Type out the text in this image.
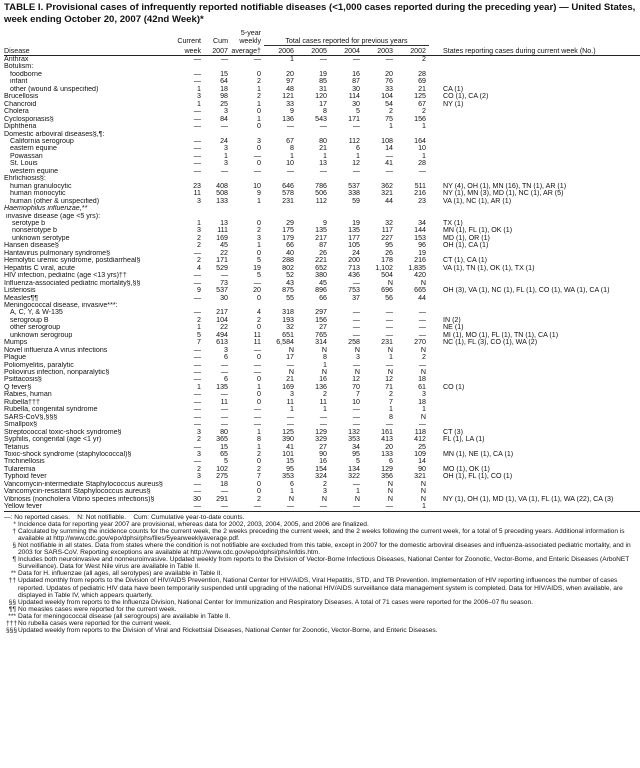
TABLE I. Provisional cases of infrequently reported notifiable diseases (<1,000 cases reported during the preceding year) — United States, week ending October 20, 2007 (42nd Week)*
			5-year						
	Current	Cum	weekly	Total cases reported for previous years					
Disease	week	2007	average†	2006	2005	2004	2003	2002	States reporting cases during current week (No.)
Anthrax	—	—	—	1	—	—	—	2	
Botulism:									
foodborne	—	15	0	20	19	16	20	28	
infant	—	64	2	97	85	87	76	69	
other (wound & unspecified)	1	18	1	48	31	30	33	21	CA (1)
Brucellosis	3	98	2	121	120	114	104	125	CO (1), CA (2)
Chancroid	1	25	1	33	17	30	54	67	NY (1)
Cholera	—	3	0	9	8	5	2	2	
Cyclosporiasis§	—	84	1	136	543	171	75	156	
Diphtheria	—	—	0	—	—	—	1	1	
Domestic arboviral diseases§,¶:									
California serogroup	—	24	3	67	80	112	108	164	
eastern equine	—	3	0	8	21	6	14	10	
Powassan	—	1	—	1	1	1	—	1	
St. Louis	—	3	0	10	13	12	41	28	
western equine	—	—	—	—	—	—	—	—	
Ehrlichiosis§:									
human granulocytic	23	408	10	646	786	537	362	511	NY (4), OH (1), MN (16), TN (1), AR (1)
human monocytic	11	508	9	578	506	338	321	216	NY (1), MN (3), MD (1), NC (1), AR (5)
human (other & unspecified)	3	133	1	231	112	59	44	23	VA (1), NC (1), AR (1)
Haemophilus influenzae,**									
invasive disease (age <5 yrs):									
serotype b	1	13	0	29	9	19	32	34	TX (1)
nonserotype b	3	111	2	175	135	135	117	144	MN (1), FL (1), OK (1)
unknown serotype	2	169	3	179	217	177	227	153	MD (1), OR (1)
Hansen disease§	2	45	1	66	87	105	95	96	OH (1), CA (1)
Hantavirus pulmonary syndrome§	—	22	0	40	26	24	26	19	
Hemolytic uremic syndrome, postdiarrheal§	2	171	5	288	221	200	178	216	CT (1), CA (1)
Hepatitis C viral, acute	4	529	19	802	652	713	1,102	1,835	VA (1), TN (1), OK (1), TX (1)
HIV infection, pediatric (age <13 yrs)††	—	—	5	52	380	436	504	420	
Influenza-associated pediatric mortality§,§§	—	73	—	43	45	—	N	N	
Listeriosis	9	537	20	875	896	753	696	665	OH (3), VA (1), NC (1), FL (1), CO (1), WA (1), CA (1)
Measles¶¶	—	30	0	55	66	37	56	44	
Meningococcal disease, invasive***:									
A, C, Y, & W-135	—	217	4	318	297	—	—	—	
serogroup B	2	104	2	193	156	—	—	—	IN (2)
other serogroup	1	22	0	32	27	—	—	—	NE (1)
unknown serogroup	5	494	11	651	765	—	—	—	MI (1), MO (1), FL (1), TN (1), CA (1)
Mumps	7	613	11	6,584	314	258	231	270	NC (1), FL (3), CO (1), WA (2)
Novel influenza A virus infections	—	3	—	N	N	N	N	N	
Plague	—	6	0	17	8	3	1	2	
Poliomyelitis, paralytic	—	—	—	—	1	—	—	—	
Poliovirus infection, nonparalytic§	—	—	—	N	N	N	N	N	
Psittacosis§	—	6	0	21	16	12	12	18	
Q fever§	1	135	1	169	136	70	71	61	CO (1)
Rabies, human	—	—	0	3	2	7	2	3	
Rubella†††	—	11	0	11	11	10	7	18	
Rubella, congenital syndrome	—	—	—	1	1	—	1	1	
SARS-CoV§,§§§	—	—	—	—	—	—	8	N	
Smallpox§	—	—	—	—	—	—	—	—	
Streptococcal toxic-shock syndrome§	3	80	1	125	129	132	161	118	CT (3)
Syphilis, congenital (age <1 yr)	2	365	8	390	329	353	413	412	FL (1), LA (1)
Tetanus	—	15	1	41	27	34	20	25	
Toxic-shock syndrome (staphylococcal)§	3	65	2	101	90	95	133	109	MN (1), NE (1), CA (1)
Trichinellosis	—	5	0	15	16	5	6	14	
Tularemia	2	102	2	95	154	134	129	90	MO (1), OK (1)
Typhoid fever	3	275	7	353	324	322	356	321	OH (1), FL (1), CO (1)
Vancomycin-intermediate Staphylococcus aureus§	—	18	0	6	2	—	N	N	
Vancomycin-resistant Staphylococcus aureus§	—	—	0	1	3	1	N	N	
Vibriosis (noncholera Vibrio species infections)§	30	291	2	N	N	N	N	N	NY (1), OH (1), MD (1), VA (1), FL (1), WA (22), CA (3)
Yellow fever	—	—	—	—	—	—	—	1	
—: No reported cases.    N: Not notifiable.    Cum: Cumulative year-to-date counts.
* Incidence data for reporting year 2007 are provisional, whereas data for 2002, 2003, 2004, 2005, and 2006 are finalized.
† Calculated by summing the incidence counts for the current week, the 2 weeks preceding the current week, and the 2 weeks following the current week, for a total of 5 preceding years. Additional information is available at http://www.cdc.gov/epo/dphsi/phs/files/5yearweeklyaverage.pdf.
§ Not notifiable in all states. Data from states where the condition is not notifiable are excluded from this table, except in 2007 for the domestic arboviral diseases and influenza-associated pediatric mortality, and in 2003 for SARS-CoV. Reporting exceptions are available at http://www.cdc.gov/epo/dphsi/phs/infdis.htm.
¶ Includes both neuroinvasive and nonneuroinvasive. Updated weekly from reports to the Division of Vector-Borne Infectious Diseases, National Center for Zoonotic, Vector-Borne, and Enteric Diseases (ArboNET Surveillance). Data for West Nile virus are available in Table II.
** Data for H. influenzae (all ages, all serotypes) are available in Table II.
†† Updated monthly from reports to the Division of HIV/AIDS Prevention, National Center for HIV/AIDS, Viral Hepatitis, STD, and TB Prevention. Implementation of HIV reporting influences the number of cases reported. Updates of pediatric HIV data have been temporarily suspended until upgrading of the national HIV/AIDS surveillance data management system is completed. Data for HIV/AIDS, when available, are displayed in Table IV, which appears quarterly.
§§ Updated weekly from reports to the Influenza Division, National Center for Immunization and Respiratory Diseases. A total of 71 cases were reported for the 2006–07 flu season.
¶¶ No measles cases were reported for the current week.
*** Data for meningococcal disease (all serogroups) are available in Table II.
††† No rubella cases were reported for the current week.
§§§ Updated weekly from reports to the Division of Viral and Rickettsial Diseases, National Center for Zoonotic, Vector-Borne, and Enteric Diseases.
